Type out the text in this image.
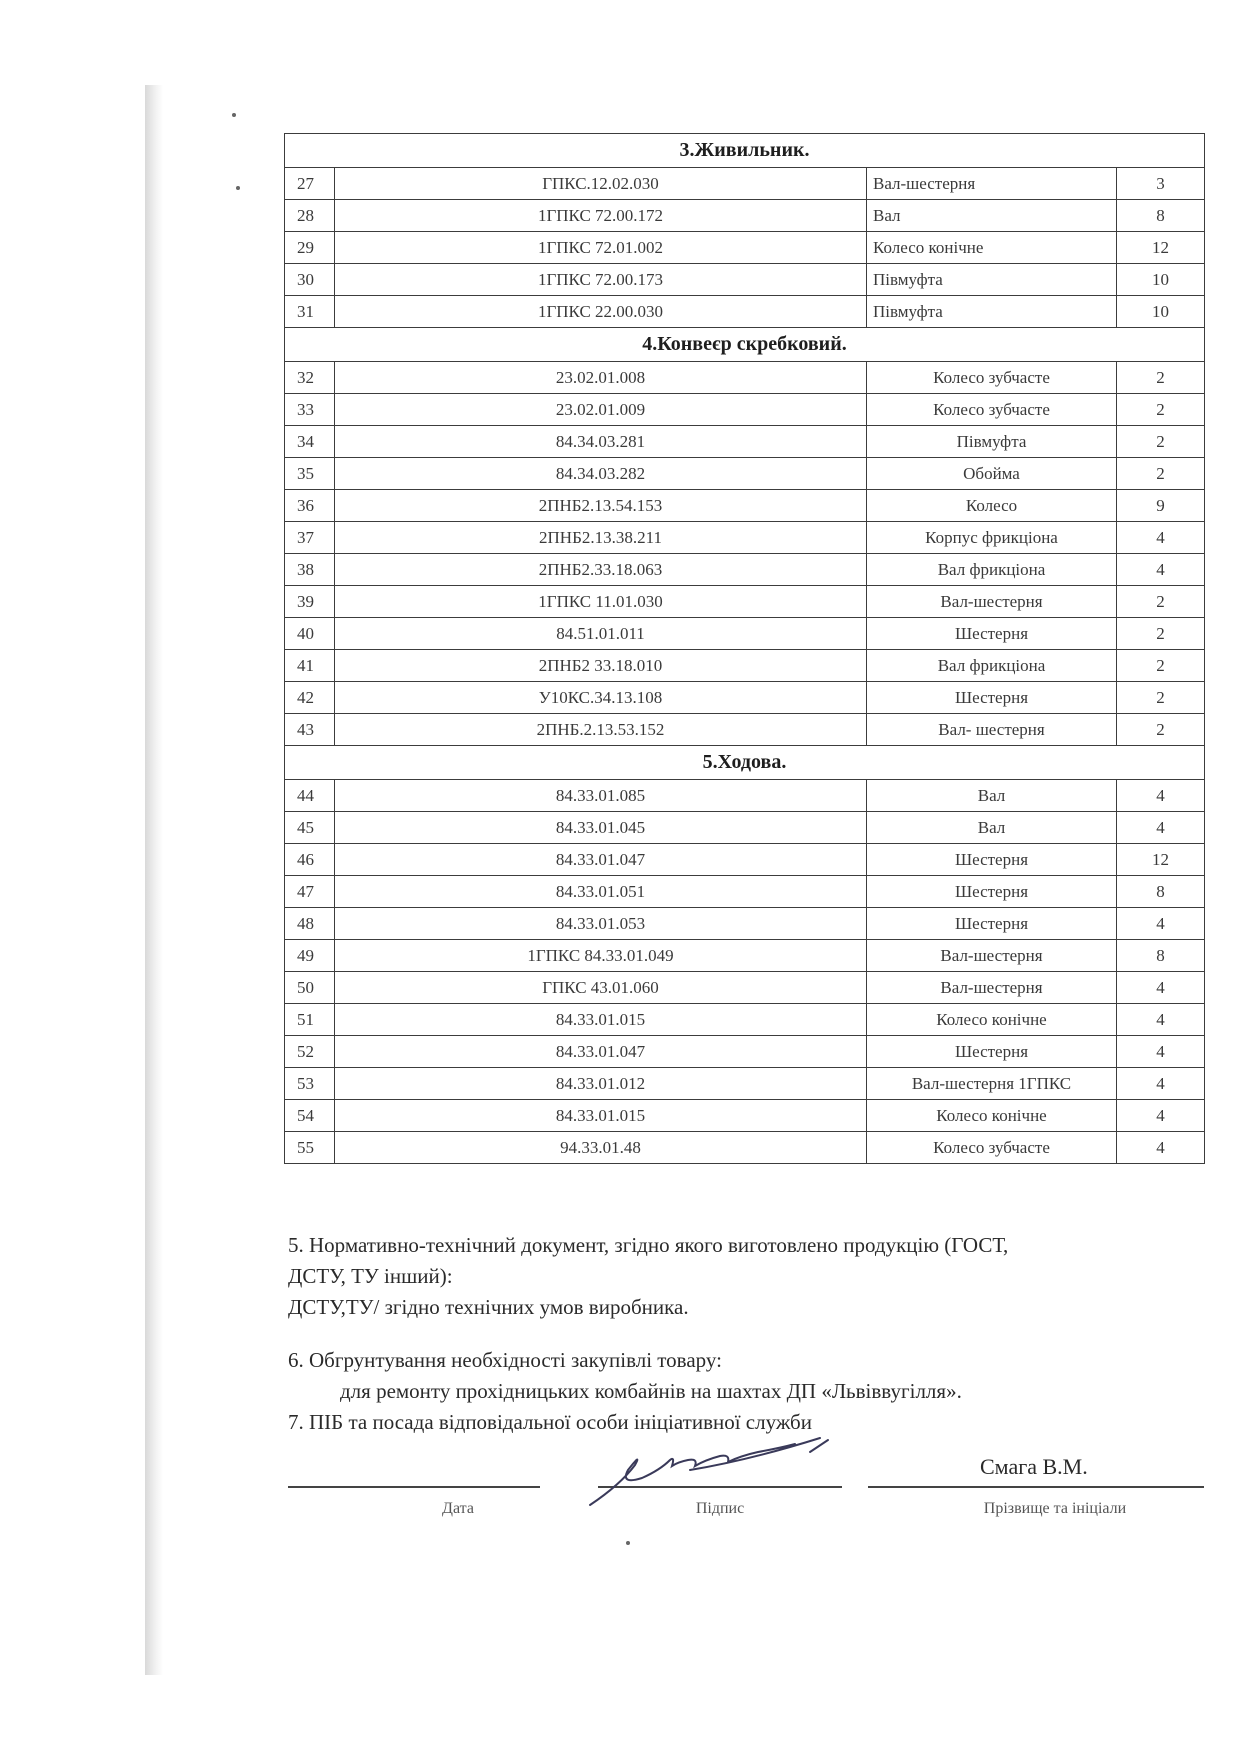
3.Живильник.			
27	ГПКС.12.02.030	Вал-шестерня	3
28	1ГПКС 72.00.172	Вал	8
29	1ГПКС 72.01.002	Колесо конічне	12
30	1ГПКС 72.00.173	Півмуфта	10
31	1ГПКС 22.00.030	Півмуфта	10
4.Конвеєр скребковий.			
32	23.02.01.008	Колесо зубчасте	2
33	23.02.01.009	Колесо зубчасте	2
34	84.34.03.281	Півмуфта	2
35	84.34.03.282	Обойма	2
36	2ПНБ2.13.54.153	Колесо	9
37	2ПНБ2.13.38.211	Корпус фрикціона	4
38	2ПНБ2.33.18.063	Вал фрикціона	4
39	1ГПКС 11.01.030	Вал-шестерня	2
40	84.51.01.011	Шестерня	2
41	2ПНБ2 33.18.010	Вал фрикціона	2
42	У10КС.34.13.108	Шестерня	2
43	2ПНБ.2.13.53.152	Вал- шестерня	2
5.Ходова.			
44	84.33.01.085	Вал	4
45	84.33.01.045	Вал	4
46	84.33.01.047	Шестерня	12
47	84.33.01.051	Шестерня	8
48	84.33.01.053	Шестерня	4
49	1ГПКС 84.33.01.049	Вал-шестерня	8
50	ГПКС 43.01.060	Вал-шестерня	4
51	84.33.01.015	Колесо конічне	4
52	84.33.01.047	Шестерня	4
53	84.33.01.012	Вал-шестерня 1ГПКС	4
54	84.33.01.015	Колесо конічне	4
55	94.33.01.48	Колесо зубчасте	4

5. Нормативно-технічний документ, згідно якого виготовлено продукцію (ГОСТ,

ДСТУ, ТУ інший):

ДСТУ,ТУ/ згідно технічних умов виробника.

6. Обгрунтування необхідності закупівлі товару:

для ремонту прохідницьких комбайнів на шахтах ДП «Львіввугілля».

7. ПІБ та посада відповідальної особи ініціативної служби

Дата	Підпис	Прізвище та ініціали
Смага В.М.
